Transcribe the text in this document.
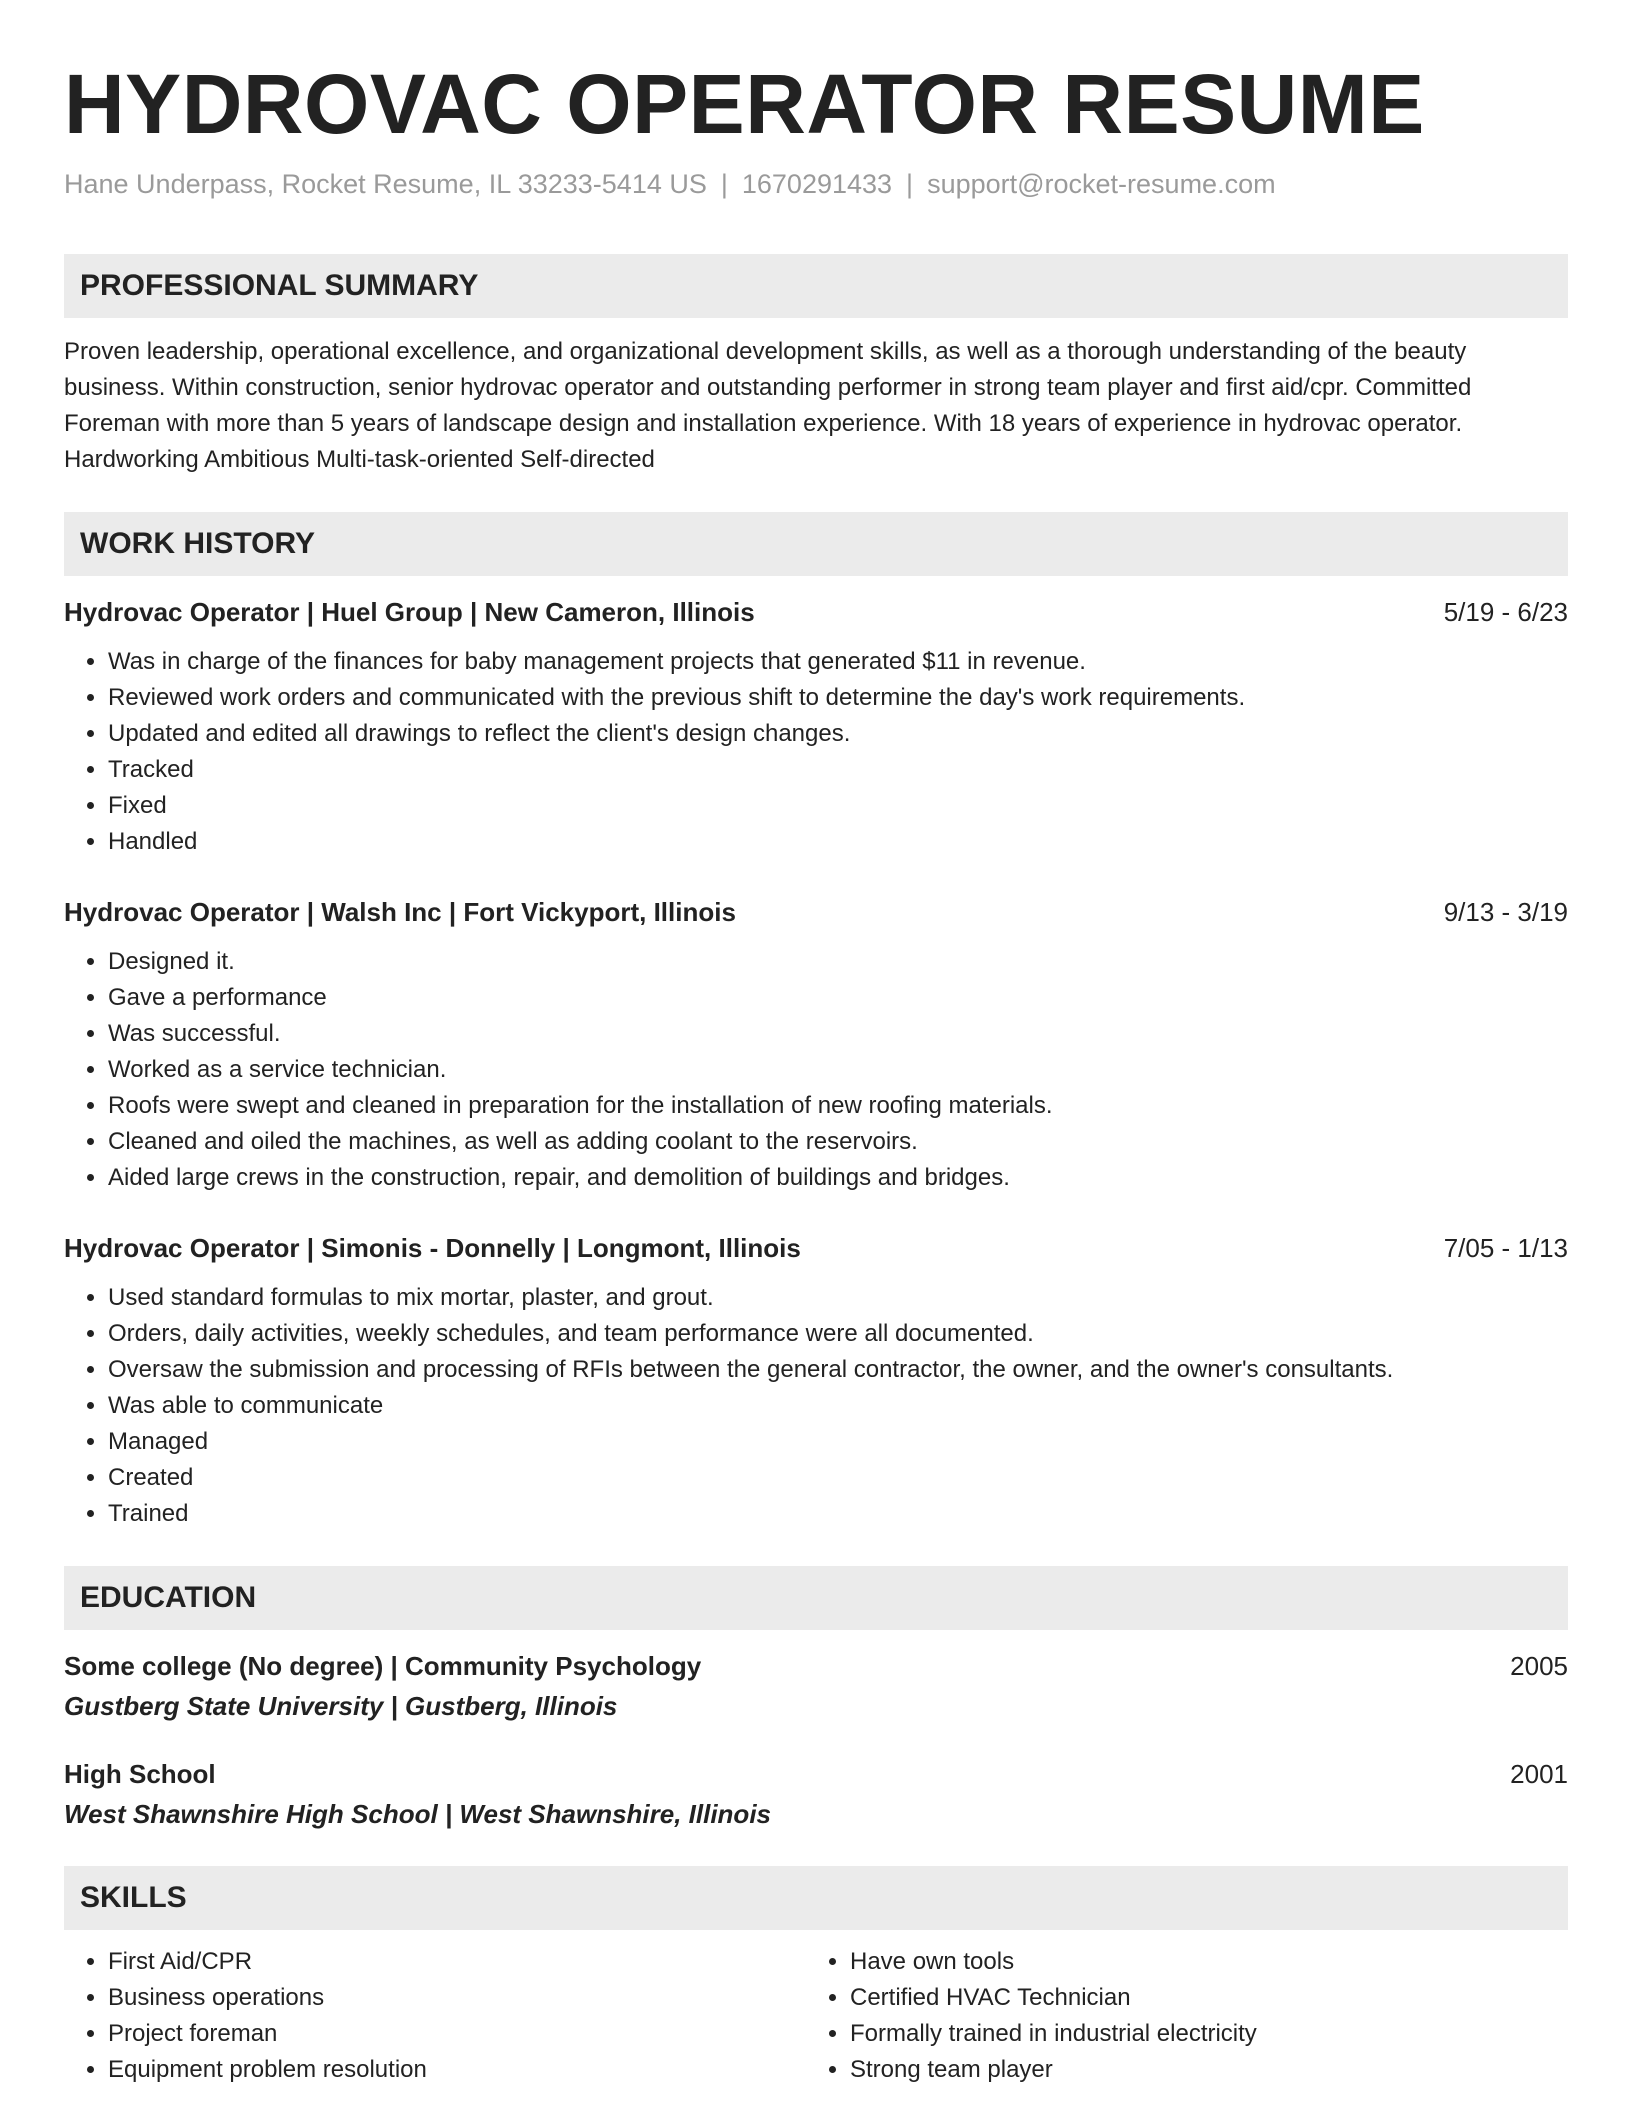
HYDROVAC OPERATOR RESUME
Hane Underpass, Rocket Resume, IL 33233-5414 US | 1670291433 | support@rocket-resume.com
PROFESSIONAL SUMMARY

Proven leadership, operational excellence, and organizational development skills, as well as a thorough understanding of the beauty business. Within construction, senior hydrovac operator and outstanding performer in strong team player and first aid/cpr. Committed Foreman with more than 5 years of landscape design and installation experience. With 18 years of experience in hydrovac operator. Hardworking Ambitious Multi-task-oriented Self-directed

WORK HISTORY
Hydrovac Operator | Huel Group | New Cameron, Illinois	5/19 - 6/23
• Was in charge of the finances for baby management projects that generated $11 in revenue.
• Reviewed work orders and communicated with the previous shift to determine the day's work requirements.
• Updated and edited all drawings to reflect the client's design changes.
• Tracked
• Fixed
• Handled
Hydrovac Operator | Walsh Inc | Fort Vickyport, Illinois	9/13 - 3/19
• Designed it.
• Gave a performance
• Was successful.
• Worked as a service technician.
• Roofs were swept and cleaned in preparation for the installation of new roofing materials.
• Cleaned and oiled the machines, as well as adding coolant to the reservoirs.
• Aided large crews in the construction, repair, and demolition of buildings and bridges.
Hydrovac Operator | Simonis - Donnelly | Longmont, Illinois	7/05 - 1/13
• Used standard formulas to mix mortar, plaster, and grout.
• Orders, daily activities, weekly schedules, and team performance were all documented.
• Oversaw the submission and processing of RFIs between the general contractor, the owner, and the owner's consultants.
• Was able to communicate
• Managed
• Created
• Trained
EDUCATION
Some college (No degree) | Community Psychology	2005
Gustberg State University | Gustberg, Illinois
High School	2001
West Shawnshire High School | West Shawnshire, Illinois
SKILLS
• First Aid/CPR
• Business operations
• Project foreman
• Equipment problem resolution
• Have own tools
• Certified HVAC Technician
• Formally trained in industrial electricity
• Strong team player
